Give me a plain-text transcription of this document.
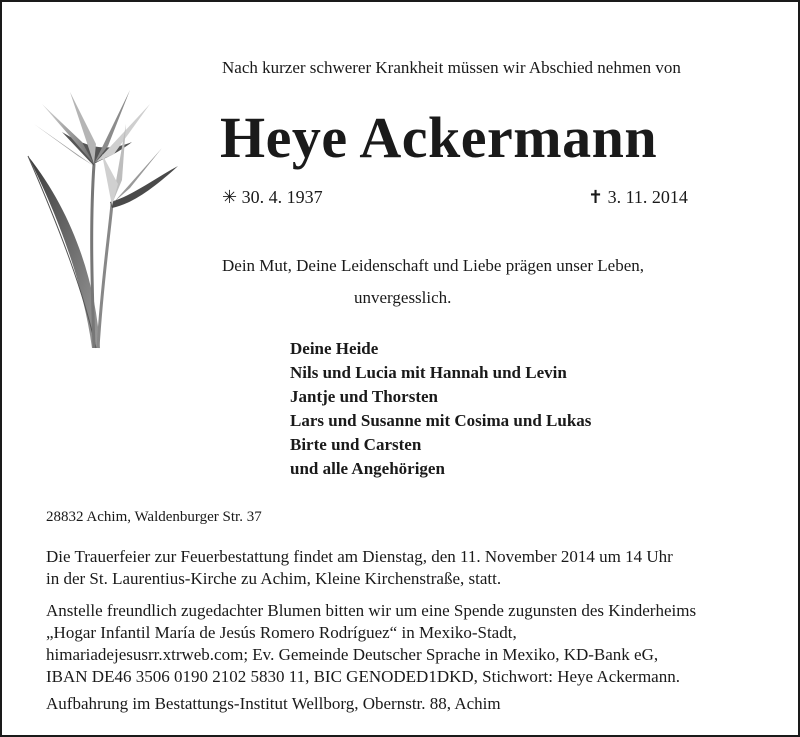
Nach kurzer schwerer Krankheit müssen wir Abschied nehmen von
Heye Ackermann
✳ 30. 4. 1937	✝ 3. 11. 2014
Dein Mut, Deine Leidenschaft und Liebe prägen unser Leben,
unvergesslich.
Deine Heide
Nils und Lucia mit Hannah und Levin
Jantje und Thorsten
Lars und Susanne mit Cosima und Lukas
Birte und Carsten
und alle Angehörigen
28832 Achim, Waldenburger Str. 37
Die Trauerfeier zur Feuerbestattung findet am Dienstag, den 11. November 2014 um 14 Uhr
in der St. Laurentius-Kirche zu Achim, Kleine Kirchenstraße, statt.
Anstelle freundlich zugedachter Blumen bitten wir um eine Spende zugunsten des Kinderheims
„Hogar Infantil María de Jesús Romero Rodríguez“ in Mexiko-Stadt,
himariadejesusrr.xtrweb.com; Ev. Gemeinde Deutscher Sprache in Mexiko, KD-Bank eG,
IBAN DE46 3506 0190 2102 5830 11, BIC GENODED1DKD, Stichwort: Heye Ackermann.
Aufbahrung im Bestattungs-Institut Wellborg, Obernstr. 88, Achim
